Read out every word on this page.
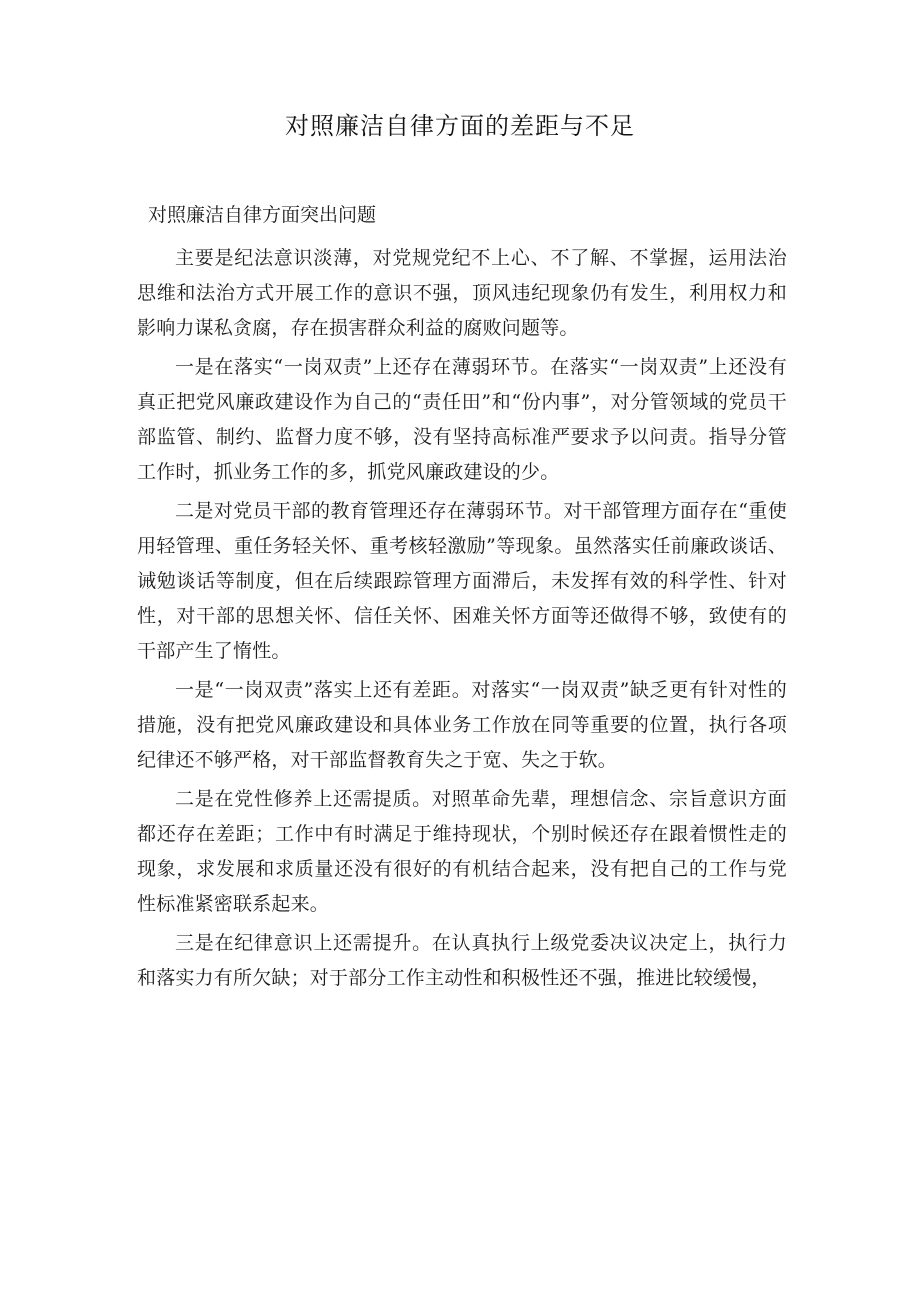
对照廉洁自律方面的差距与不足

对照廉洁自律方面突出问题

主要是纪法意识淡薄，对党规党纪不上心、不了解、不掌握，运用法治思维和法治方式开展工作的意识不强，顶风违纪现象仍有发生，利用权力和影响力谋私贪腐，存在损害群众利益的腐败问题等。

一是在落实“一岗双责”上还存在薄弱环节。在落实“一岗双责”上还没有真正把党风廉政建设作为自己的“责任田”和“份内事”，对分管领域的党员干部监管、制约、监督力度不够，没有坚持高标准严要求予以问责。指导分管工作时，抓业务工作的多，抓党风廉政建设的少。

二是对党员干部的教育管理还存在薄弱环节。对干部管理方面存在“重使用轻管理、重任务轻关怀、重考核轻激励”等现象。虽然落实任前廉政谈话、诫勉谈话等制度，但在后续跟踪管理方面滞后，未发挥有效的科学性、针对性，对干部的思想关怀、信任关怀、困难关怀方面等还做得不够，致使有的干部产生了惰性。

一是“一岗双责”落实上还有差距。对落实“一岗双责”缺乏更有针对性的措施，没有把党风廉政建设和具体业务工作放在同等重要的位置，执行各项纪律还不够严格，对干部监督教育失之于宽、失之于软。

二是在党性修养上还需提质。对照革命先辈，理想信念、宗旨意识方面都还存在差距；工作中有时满足于维持现状，个别时候还存在跟着惯性走的现象，求发展和求质量还没有很好的有机结合起来，没有把自己的工作与党性标准紧密联系起来。

三是在纪律意识上还需提升。在认真执行上级党委决议决定上，执行力和落实力有所欠缺；对于部分工作主动性和积极性还不强，推进比较缓慢，
